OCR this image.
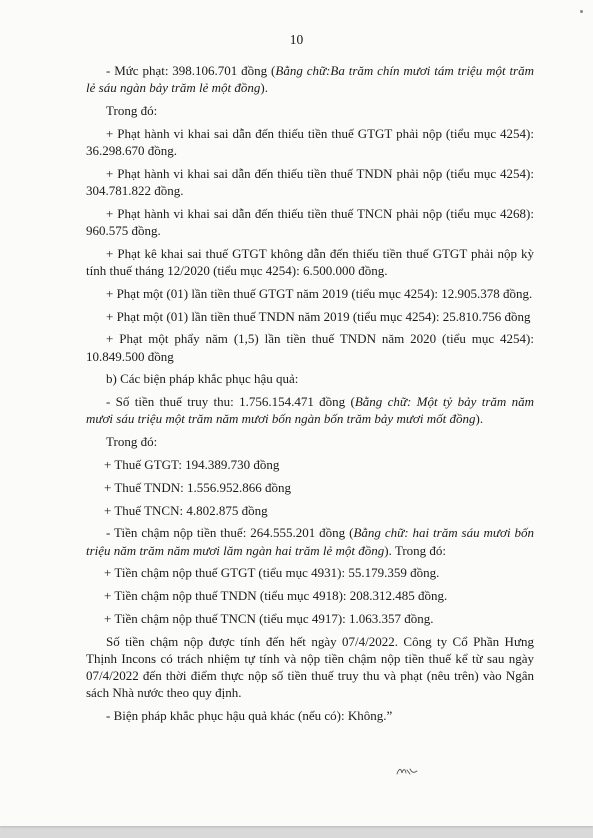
10

- Mức phạt: 398.106.701 đồng (Bằng chữ:Ba trăm chín mươi tám triệu một trăm lẻ sáu ngàn bảy trăm lẻ một đồng).

Trong đó:

+ Phạt hành vi khai sai dẫn đến thiếu tiền thuế GTGT phải nộp (tiểu mục 4254): 36.298.670 đồng.

+ Phạt hành vi khai sai dẫn đến thiếu tiền thuế TNDN phải nộp (tiểu mục 4254): 304.781.822 đồng.

+ Phạt hành vi khai sai dẫn đến thiếu tiền thuế TNCN phải nộp (tiểu mục 4268): 960.575 đồng.

+ Phạt kê khai sai thuế GTGT không dẫn đến thiếu tiền thuế GTGT phải nộp kỳ tính thuế tháng 12/2020 (tiểu mục 4254): 6.500.000 đồng.

+ Phạt một (01) lần tiền thuế GTGT năm 2019 (tiểu mục 4254): 12.905.378 đồng.

+ Phạt một (01) lần tiền thuế TNDN năm 2019 (tiểu mục 4254): 25.810.756 đồng

+ Phạt một phẩy năm (1,5) lần tiền thuế TNDN năm 2020 (tiểu mục 4254): 10.849.500 đồng

b) Các biện pháp khắc phục hậu quả:

- Số tiền thuế truy thu: 1.756.154.471 đồng (Bằng chữ: Một tỷ bảy trăm năm mươi sáu triệu một trăm năm mươi bốn ngàn bốn trăm bảy mươi mốt đồng).

Trong đó:

+ Thuế GTGT: 194.389.730 đồng

+ Thuế TNDN: 1.556.952.866 đồng

+ Thuế TNCN: 4.802.875 đồng

- Tiền chậm nộp tiền thuế: 264.555.201 đồng (Bằng chữ: hai trăm sáu mươi bốn triệu năm trăm năm mươi lăm ngàn hai trăm lẻ một đồng). Trong đó:

+ Tiền chậm nộp thuế GTGT (tiểu mục 4931): 55.179.359 đồng.

+ Tiền chậm nộp thuế TNDN (tiểu mục 4918): 208.312.485 đồng.

+ Tiền chậm nộp thuế TNCN (tiểu mục 4917): 1.063.357 đồng.

Số tiền chậm nộp được tính đến hết ngày 07/4/2022. Công ty Cổ Phần Hưng Thịnh Incons có trách nhiệm tự tính và nộp tiền chậm nộp tiền thuế kể từ sau ngày 07/4/2022 đến thời điểm thực nộp số tiền thuế truy thu và phạt (nêu trên) vào Ngân sách Nhà nước theo quy định.

- Biện pháp khắc phục hậu quả khác (nếu có): Không.”
